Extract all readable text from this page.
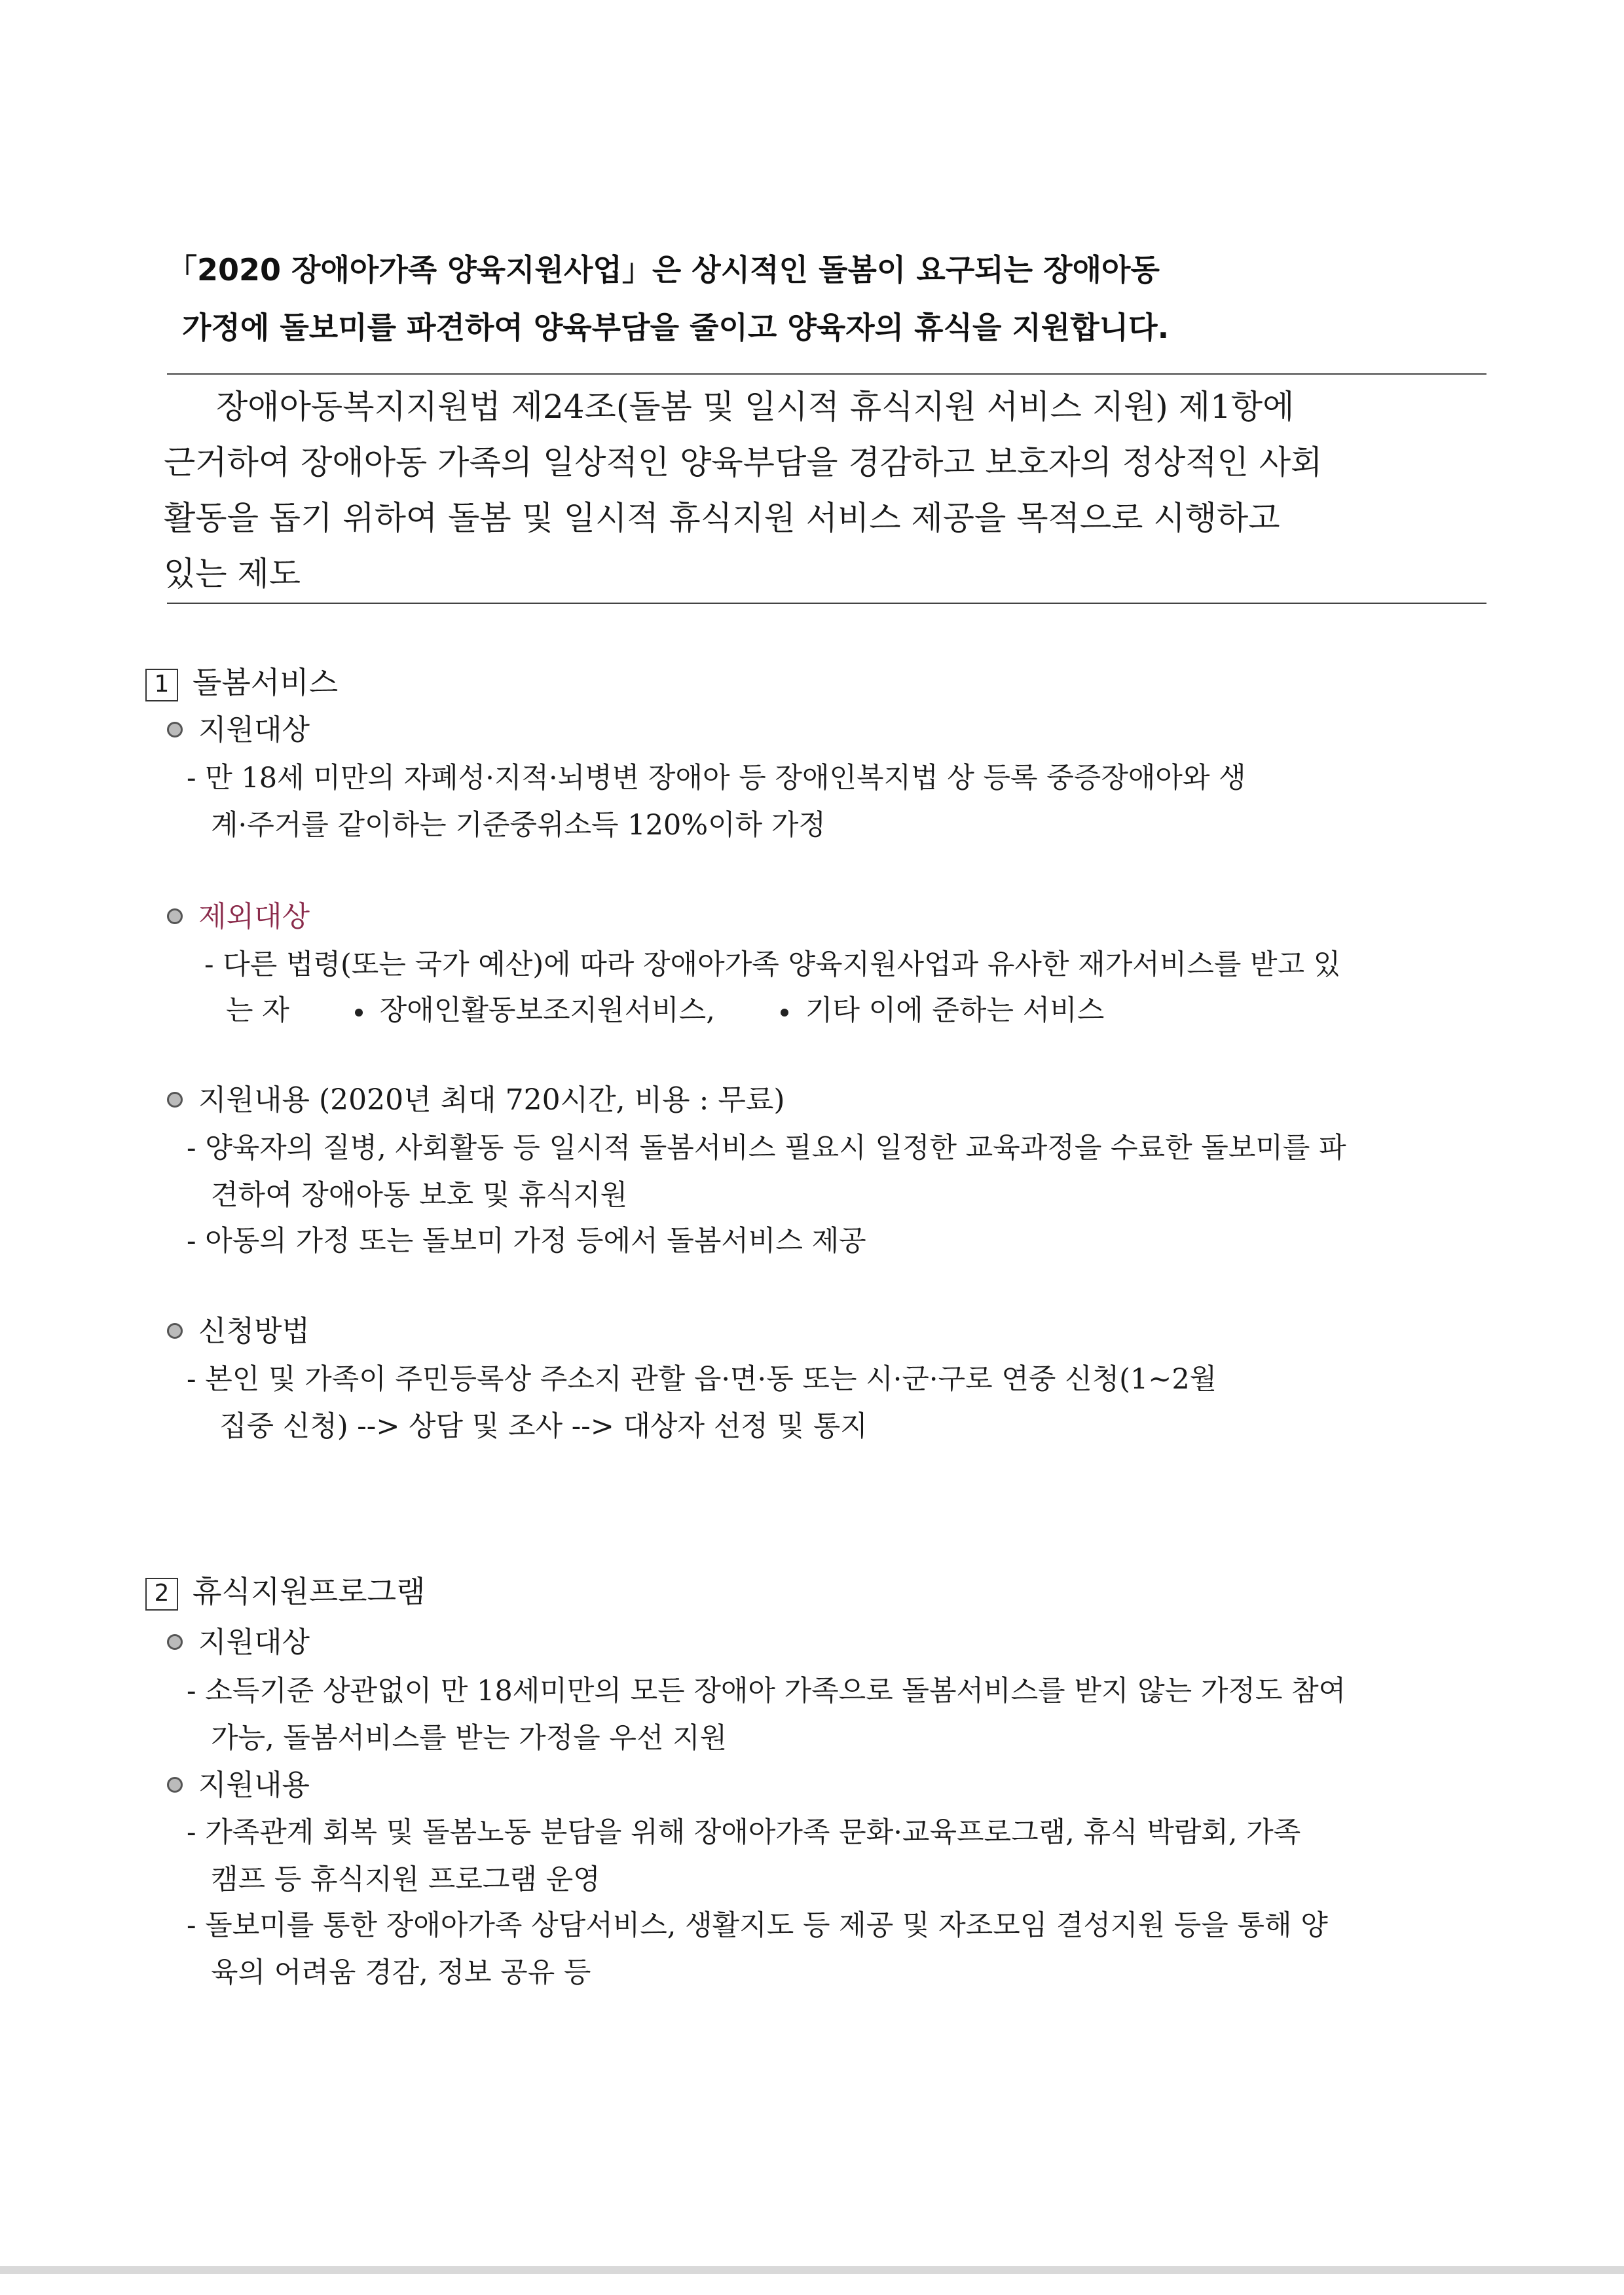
「2020 장애아가족 양육지원사업」은 상시적인 돌봄이 요구되는 장애아동
가정에 돌보미를 파견하여 양육부담을 줄이고 양육자의 휴식을 지원합니다.
장애아동복지지원법 제24조(돌봄 및 일시적 휴식지원 서비스 지원) 제1항에
근거하여 장애아동 가족의 일상적인 양육부담을 경감하고 보호자의 정상적인 사회
활동을 돕기 위하여 돌봄 및 일시적 휴식지원 서비스 제공을 목적으로 시행하고
있는 제도
1 돌봄서비스
지원대상
- 만 18세 미만의 자폐성·지적·뇌병변 장애아 등 장애인복지법 상 등록 중증장애아와 생
계·주거를 같이하는 기준중위소득 120%이하 가정
제외대상
- 다른 법령(또는 국가 예산)에 따라 장애아가족 양육지원사업과 유사한 재가서비스를 받고 있
는 자	장애인활동보조지원서비스,	기타 이에 준하는 서비스
지원내용 (2020년 최대 720시간, 비용 : 무료)
- 양육자의 질병, 사회활동 등 일시적 돌봄서비스 필요시 일정한 교육과정을 수료한 돌보미를 파
견하여 장애아동 보호 및 휴식지원
- 아동의 가정 또는 돌보미 가정 등에서 돌봄서비스 제공
신청방법
- 본인 및 가족이 주민등록상 주소지 관할 읍·면·동 또는 시·군·구로 연중 신청(1~2월
집중 신청) --> 상담 및 조사 --> 대상자 선정 및 통지
2 휴식지원프로그램
지원대상
- 소득기준 상관없이 만 18세미만의 모든 장애아 가족으로 돌봄서비스를 받지 않는 가정도 참여
가능, 돌봄서비스를 받는 가정을 우선 지원
지원내용
- 가족관계 회복 및 돌봄노동 분담을 위해 장애아가족 문화·교육프로그램, 휴식 박람회, 가족
캠프 등 휴식지원 프로그램 운영
- 돌보미를 통한 장애아가족 상담서비스, 생활지도 등 제공 및 자조모임 결성지원 등을 통해 양
육의 어려움 경감, 정보 공유 등
